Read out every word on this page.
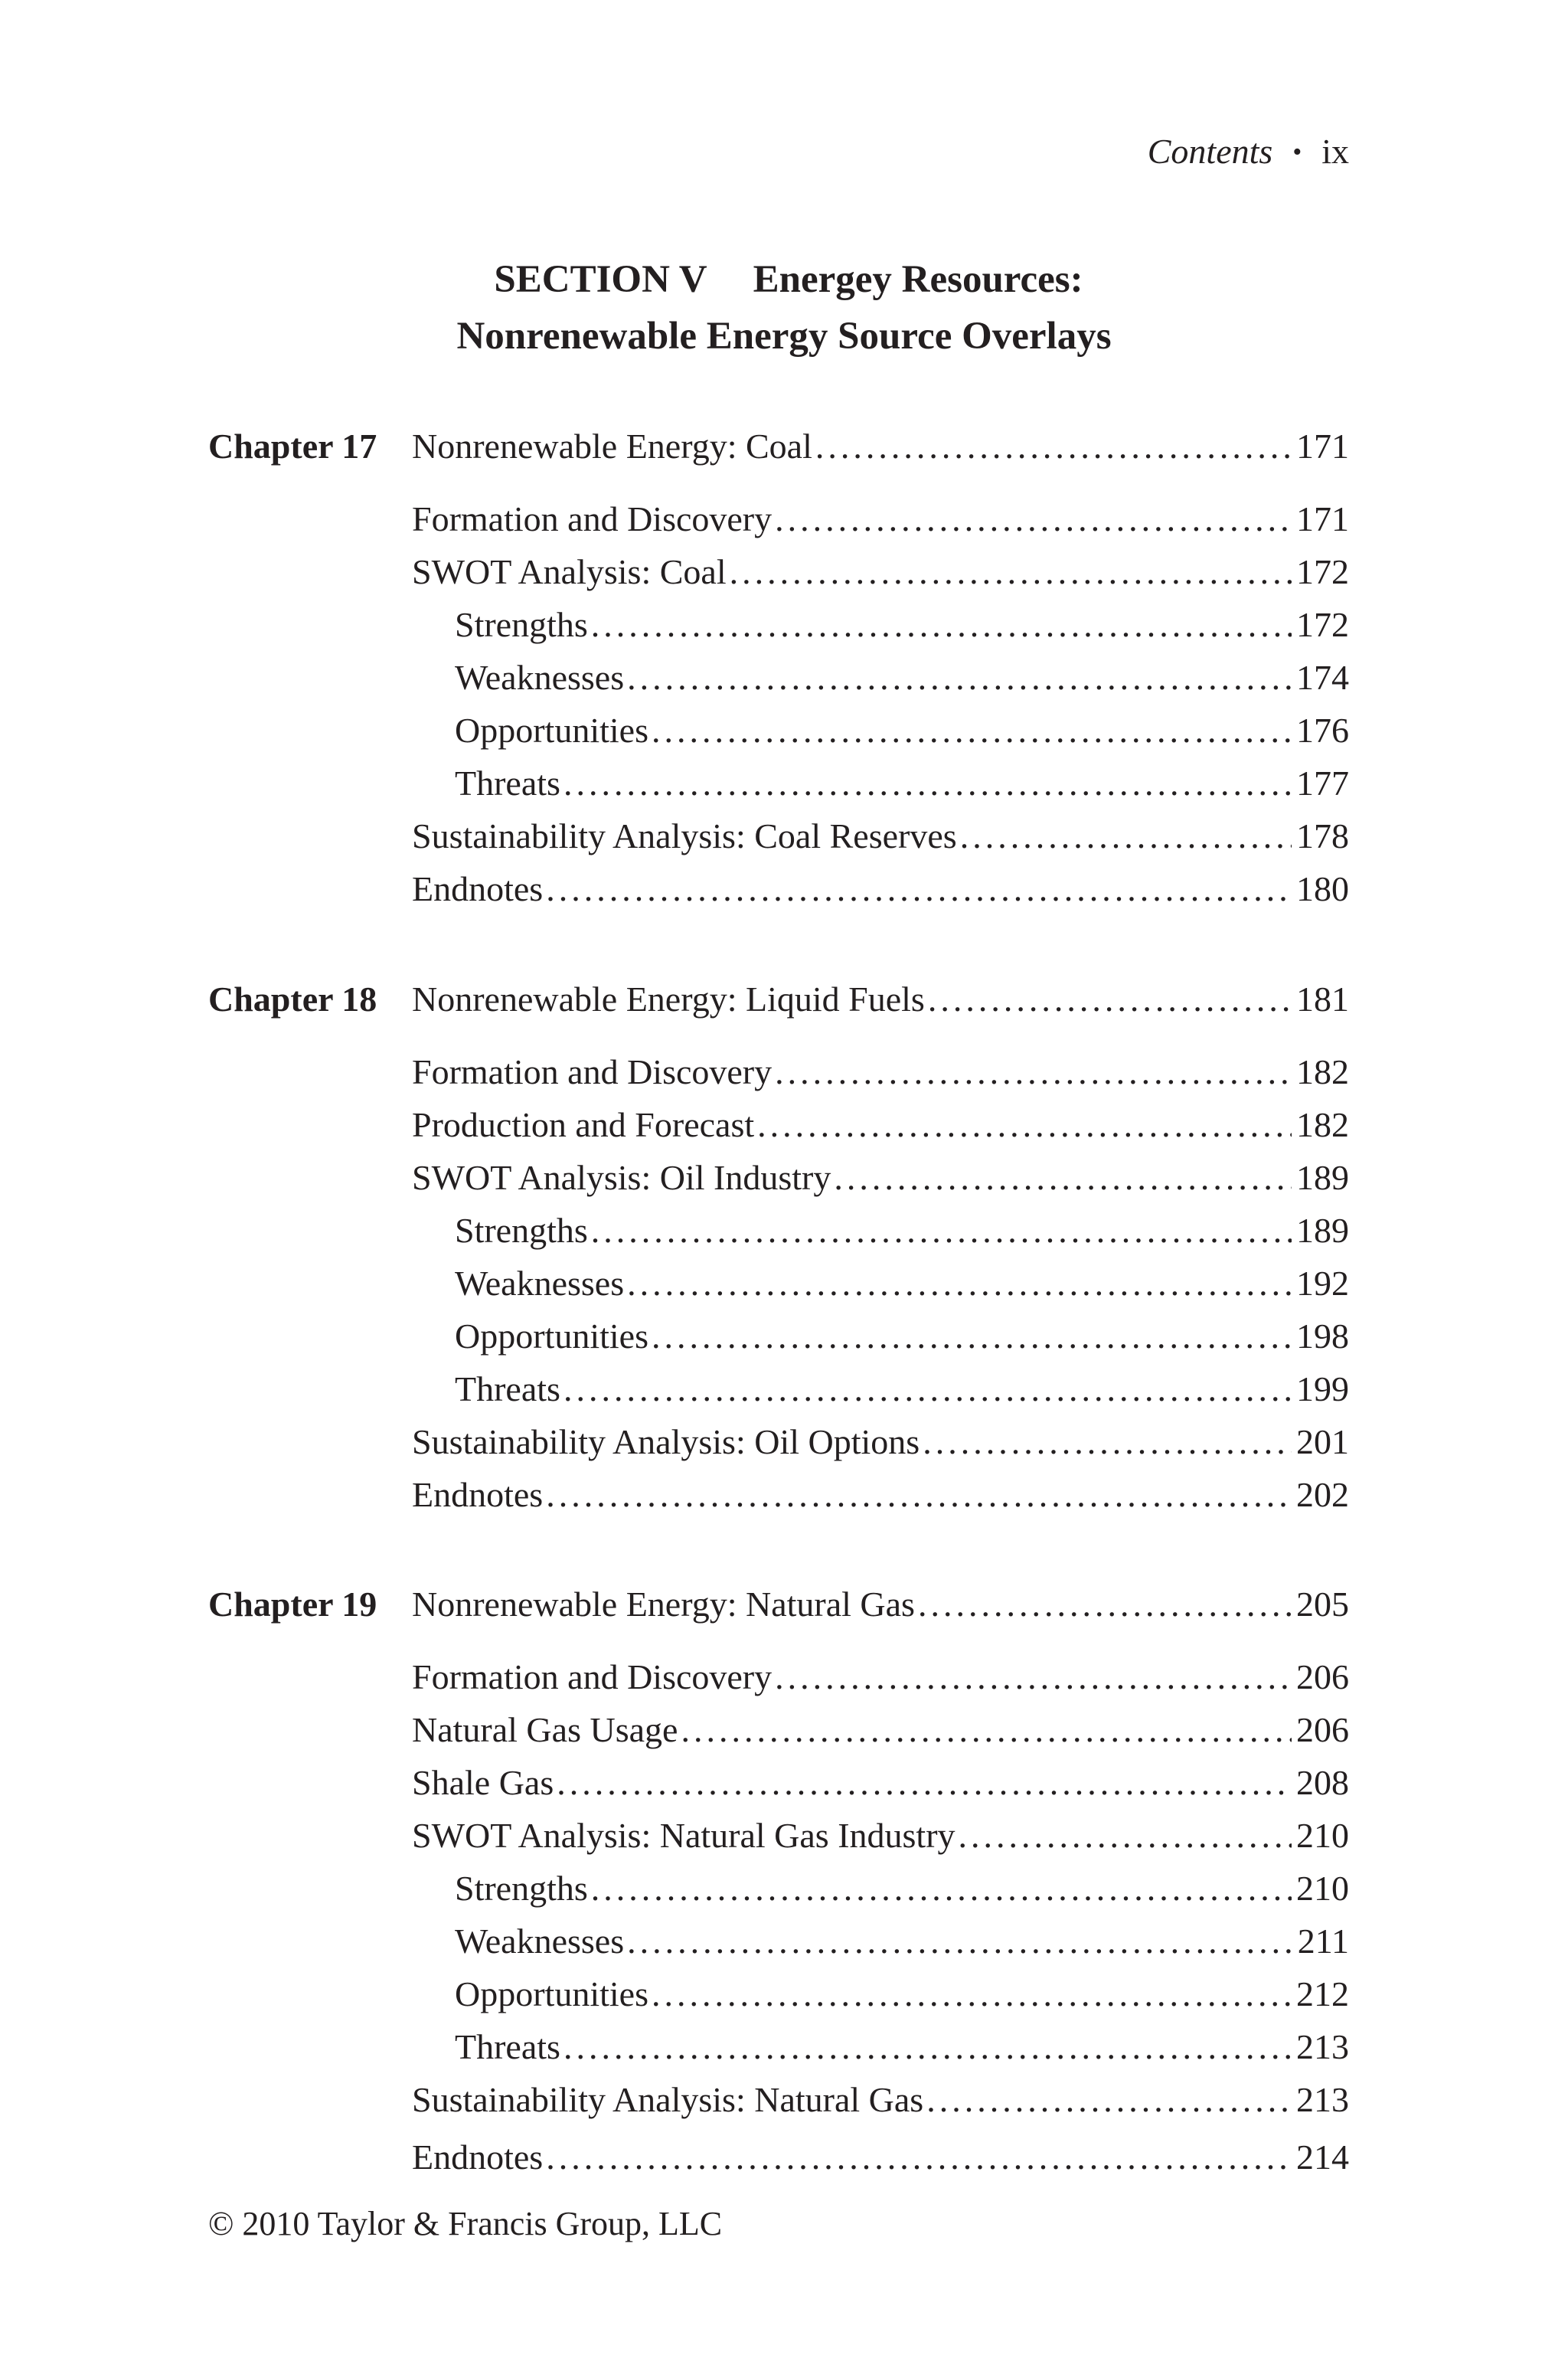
Contents • ix
SECTION V Energey Resources:
Nonrenewable Energy Source Overlays
Chapter 17 Nonrenewable Energy: Coal .....	171
Formation and Discovery .....	171
SWOT Analysis: Coal .....	172
Strengths .....	172
Weaknesses .....	174
Opportunities .....	176
Threats .....	177
Sustainability Analysis: Coal Reserves .....	178
Endnotes .....	180
Chapter 18 Nonrenewable Energy: Liquid Fuels .....	181
Formation and Discovery .....	182
Production and Forecast .....	182
SWOT Analysis: Oil Industry .....	189
Strengths .....	189
Weaknesses .....	192
Opportunities .....	198
Threats .....	199
Sustainability Analysis: Oil Options .....	201
Endnotes .....	202
Chapter 19 Nonrenewable Energy: Natural Gas .....	205
Formation and Discovery .....	206
Natural Gas Usage .....	206
Shale Gas .....	208
SWOT Analysis: Natural Gas Industry .....	210
Strengths .....	210
Weaknesses .....	211
Opportunities .....	212
Threats .....	213
Sustainability Analysis: Natural Gas .....	213
Endnotes .....	214
© 2010 Taylor & Francis Group, LLC
